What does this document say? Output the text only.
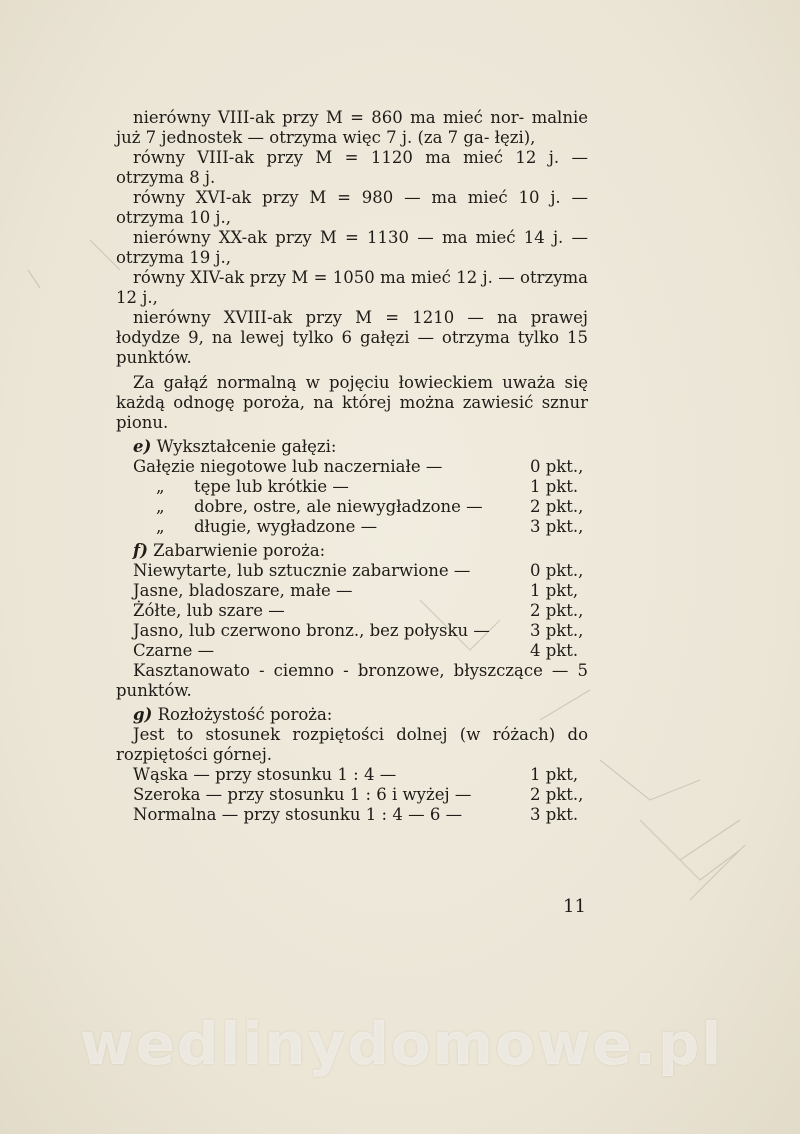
nierówny VIII-ak przy M = 860 ma mieć nor- malnie już 7 jednostek — otrzyma więc 7 j. (za 7 ga- łęzi),

równy VIII-ak przy M = 1120 ma mieć 12 j. — otrzyma 8 j.

równy XVI-ak przy M = 980 — ma mieć 10 j. — otrzyma 10 j.,

nierówny XX-ak przy M = 1130 — ma mieć 14 j. — otrzyma 19 j.,

równy XIV-ak przy M = 1050 ma mieć 12 j. — otrzyma 12 j.,

nierówny XVIII-ak przy M = 1210 — na prawej łodydze 9, na lewej tylko 6 gałęzi — otrzyma tylko 15 punktów.

Za gałąź normalną w pojęciu łowieckiem uważa się każdą odnogę poroża, na której można zawiesić sznur pionu.

e) Wykształcenie gałęzi:
Gałęzie niegotowe lub naczerniałe —	0 pkt.,
„	tępe lub krótkie —	1 pkt.
„	dobre, ostre, ale niewygładzone —	2 pkt.,
„	długie, wygładzone —	3 pkt.,
f) Zabarwienie poroża:
Niewytarte, lub sztucznie zabarwione —	0 pkt.,
Jasne, bladoszare, małe —	1 pkt,
Żółte, lub szare —	2 pkt.,
Jasno, lub czerwono bronz., bez połysku —	3 pkt.,
Czarne —	4 pkt.

Kasztanowato - ciemno - bronzowe, błyszczące — 5 punktów.

g) Rozłożystość poroża:

Jest to stosunek rozpiętości dolnej (w różach) do rozpiętości górnej.

Wąska — przy stosunku 1 : 4 —	1 pkt,
Szeroka — przy stosunku 1 : 6 i wyżej —	2 pkt.,
Normalna — przy stosunku 1 : 4 — 6 —	3 pkt.
11
wedlinydomowe.pl
